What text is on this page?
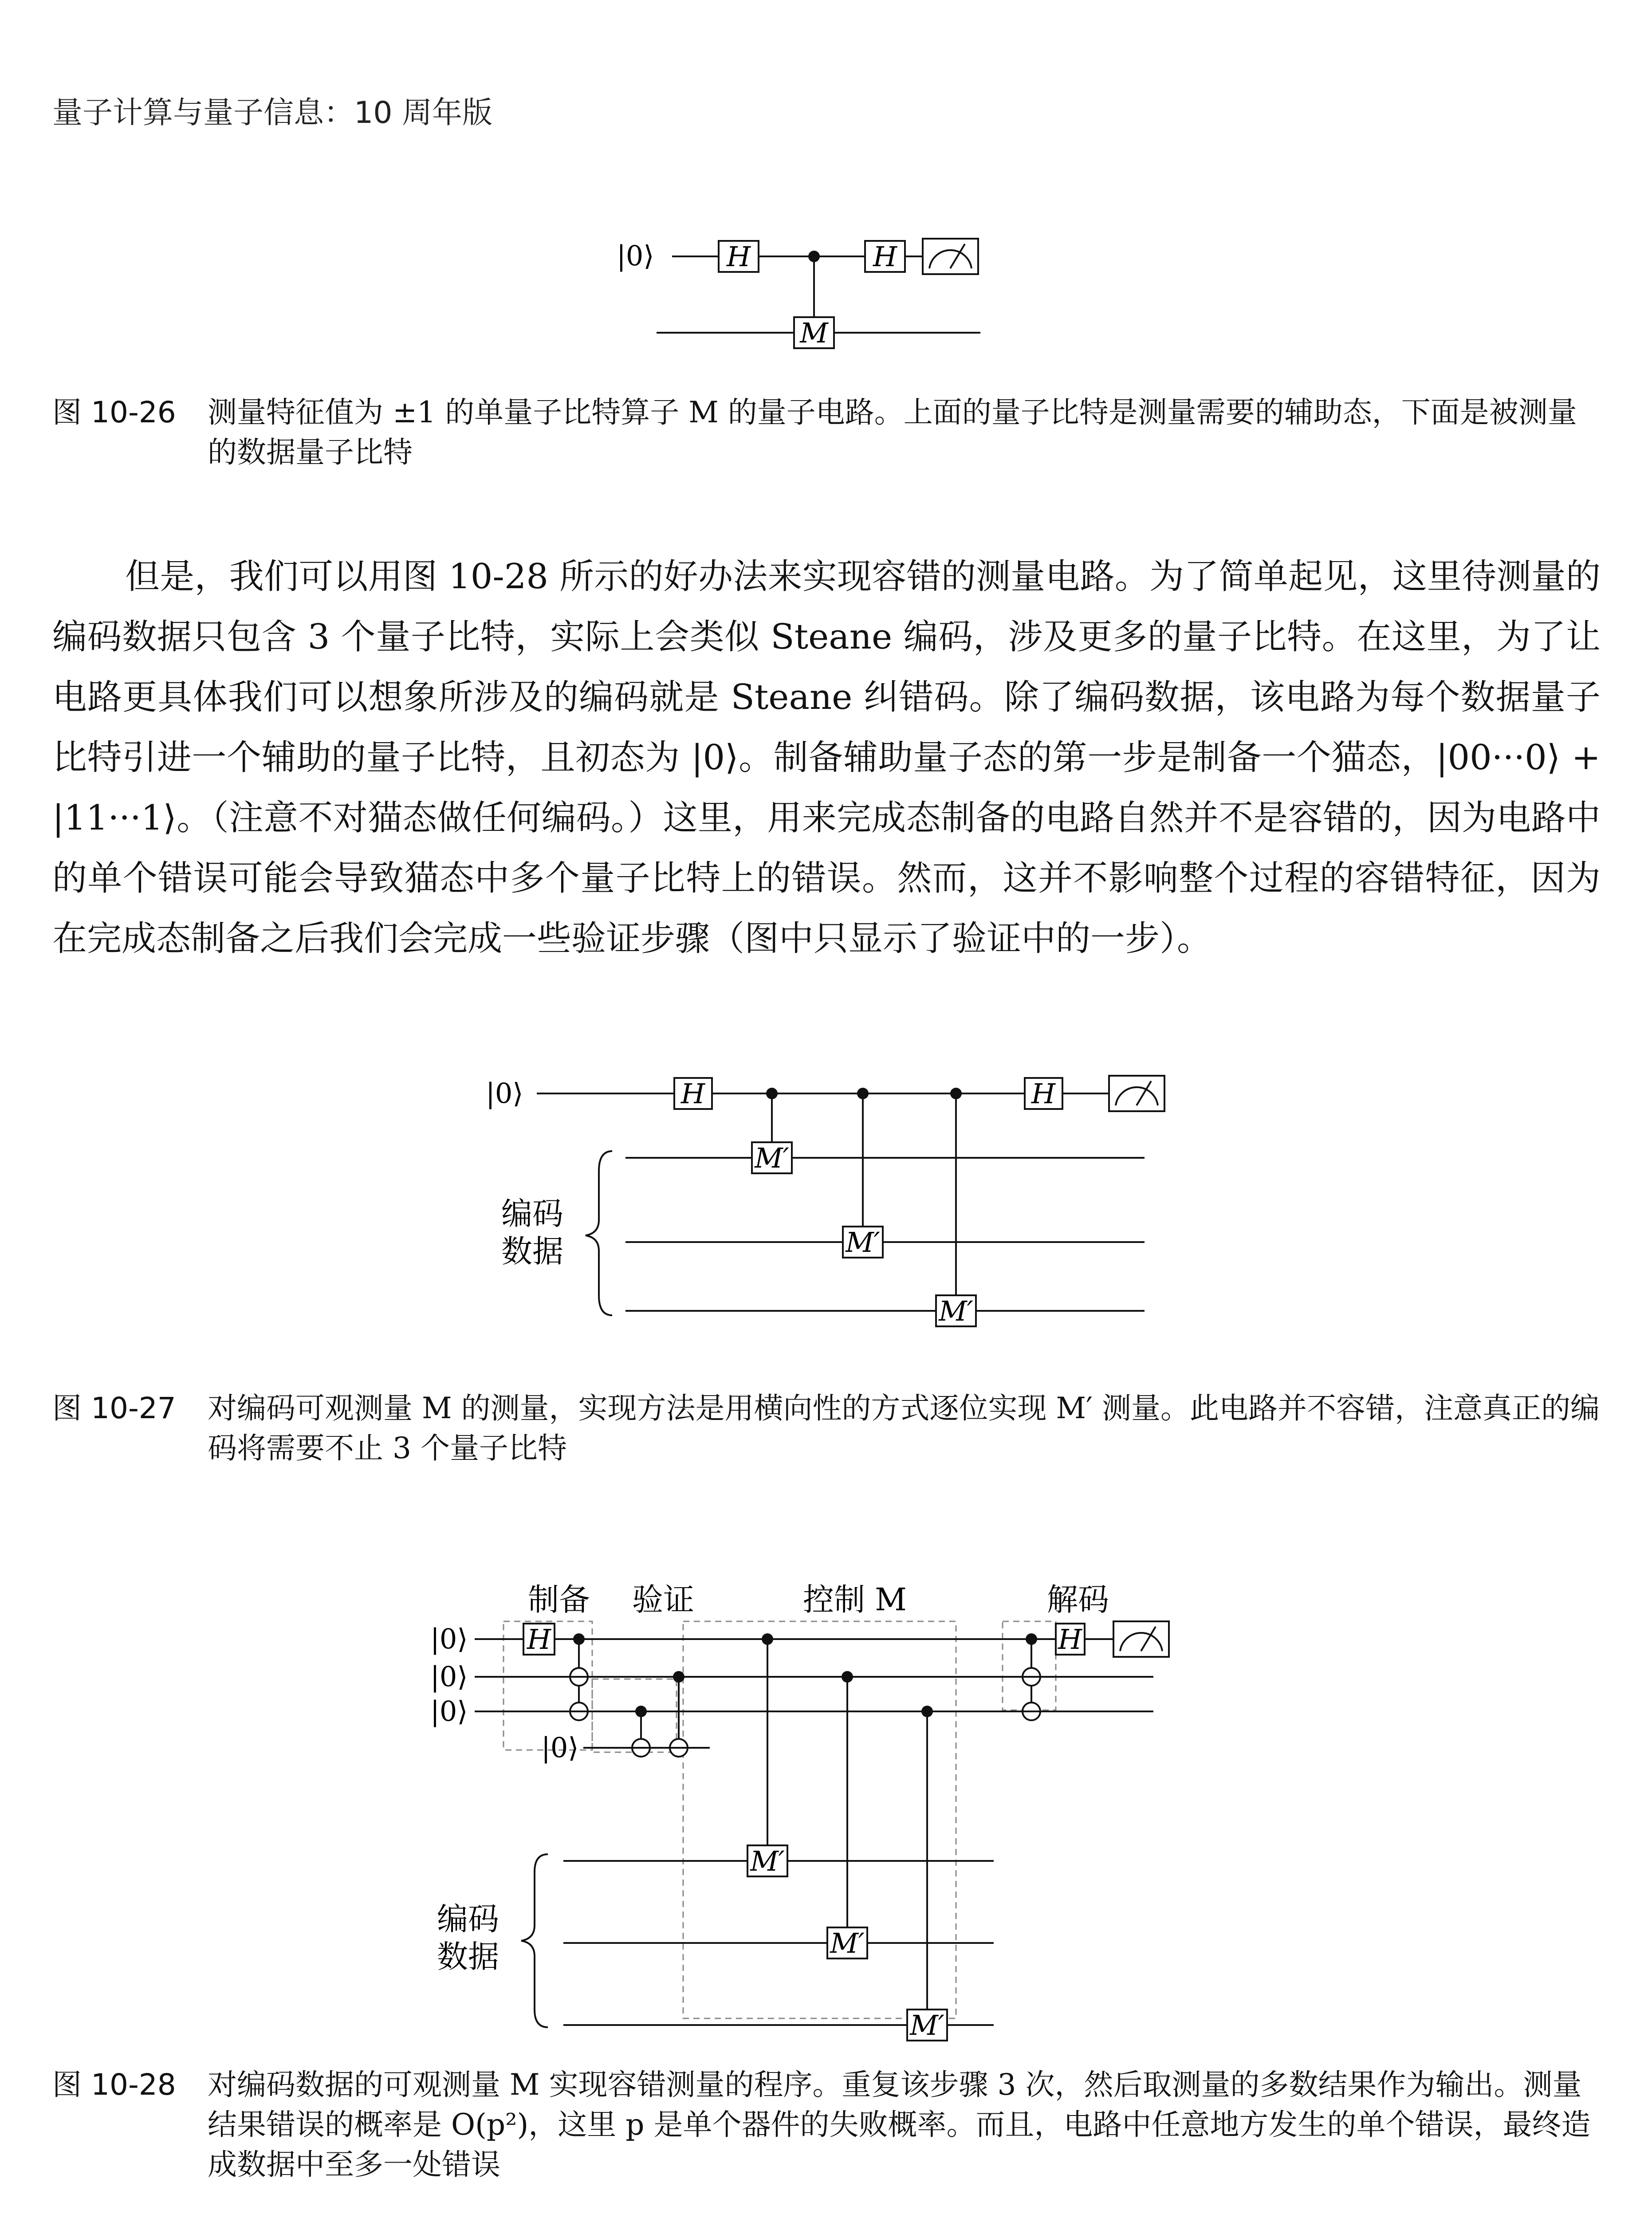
量子计算与量子信息：10 周年版
H	H
M
|0⟩
图 10-26	测量特征值为 ±1 的单量子比特算子 M 的量子电路。上面的量子比特是测量需要的辅助态，下面是被测量的数据量子比特

但是，我们可以用图 10-28 所示的好办法来实现容错的测量电路。为了简单起见，这里待测量的编码数据只包含 3 个量子比特，实际上会类似 Steane 编码，涉及更多的量子比特。在这里，为了让电路更具体我们可以想象所涉及的编码就是 Steane 纠错码。除了编码数据，该电路为每个数据量子比特引进一个辅助的量子比特，且初态为 |0⟩。制备辅助量子态的第一步是制备一个猫态，|00···0⟩ + |11···1⟩。（注意不对猫态做任何编码。）这里，用来完成态制备的电路自然并不是容错的，因为电路中的单个错误可能会导致猫态中多个量子比特上的错误。然而，这并不影响整个过程的容错特征，因为在完成态制备之后我们会完成一些验证步骤（图中只显示了验证中的一步）。

H	H
M′
M′
M′
|0⟩
编码
数据
图 10-27	对编码可观测量 M 的测量，实现方法是用横向性的方式逐位实现 M′ 测量。此电路并不容错，注意真正的编码将需要不止 3 个量子比特
制备 验证	控制 M	解码
H	H
M′
M′
M′
|0⟩
|0⟩
|0⟩
|0⟩
编码
数据
图 10-28	对编码数据的可观测量 M 实现容错测量的程序。重复该步骤 3 次，然后取测量的多数结果作为输出。测量结果错误的概率是 O(p²)，这里 p 是单个器件的失败概率。而且，电路中任意地方发生的单个错误，最终造成数据中至多一处错误
